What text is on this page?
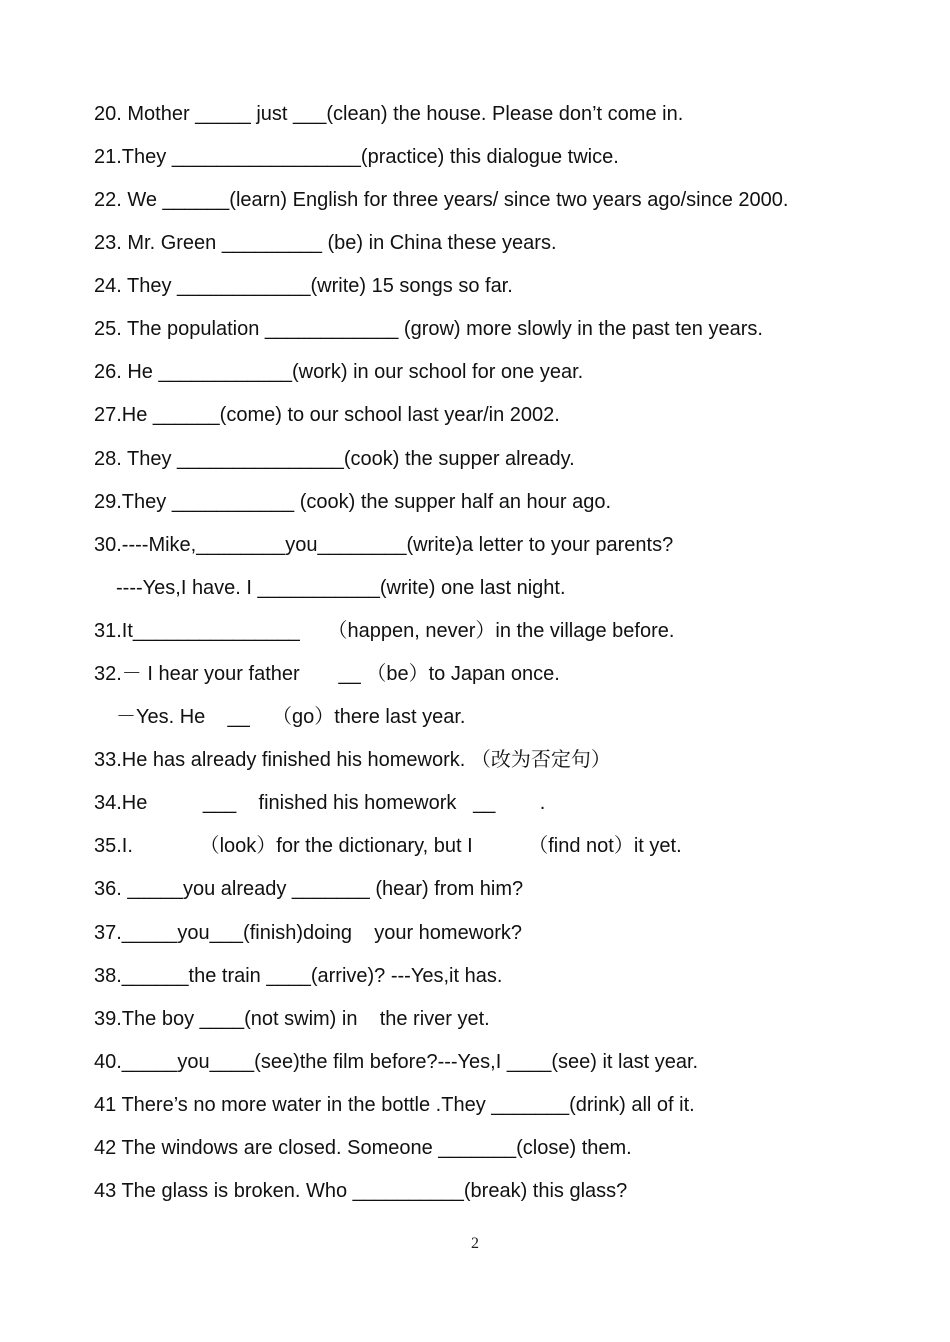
20. Mother _____ just ___(clean) the house. Please don’t come in.

21.They _________________(practice) this dialogue twice.

22. We ______(learn) English for three years/ since two years ago/since 2000.

23. Mr. Green _________ (be) in China these years.

24. They ____________(write) 15 songs so far.

25. The population ____________ (grow) more slowly in the past ten years.

26. He ____________(work) in our school for one year.

27.He ______(come) to our school last year/in 2002.

28. They _______________(cook) the supper already.

29.They ___________ (cook) the supper half an hour ago.

30.----Mike,________you________(write)a letter to your parents?

----Yes,I have. I ___________(write) one last night.

31.It_______________     （happen, never）in the village before.

32.－ I hear your father       __ （be）to Japan once.

－Yes. He    __    （go）there last year.

33.He has already finished his homework. （改为否定句）

34.He          ___    finished his homework   __        .

35.I.            （look）for the dictionary, but I          （find not）it yet.

36. _____you already _______ (hear) from him?

37._____you___(finish)doing    your homework?

38.______the train ____(arrive)? ---Yes,it has.

39.The boy ____(not swim) in    the river yet.

40._____you____(see)the film before?---Yes,I ____(see) it last year.

41 There’s no more water in the bottle .They _______(drink) all of it.

42 The windows are closed. Someone _______(close) them.

43 The glass is broken. Who __________(break) this glass?

2
